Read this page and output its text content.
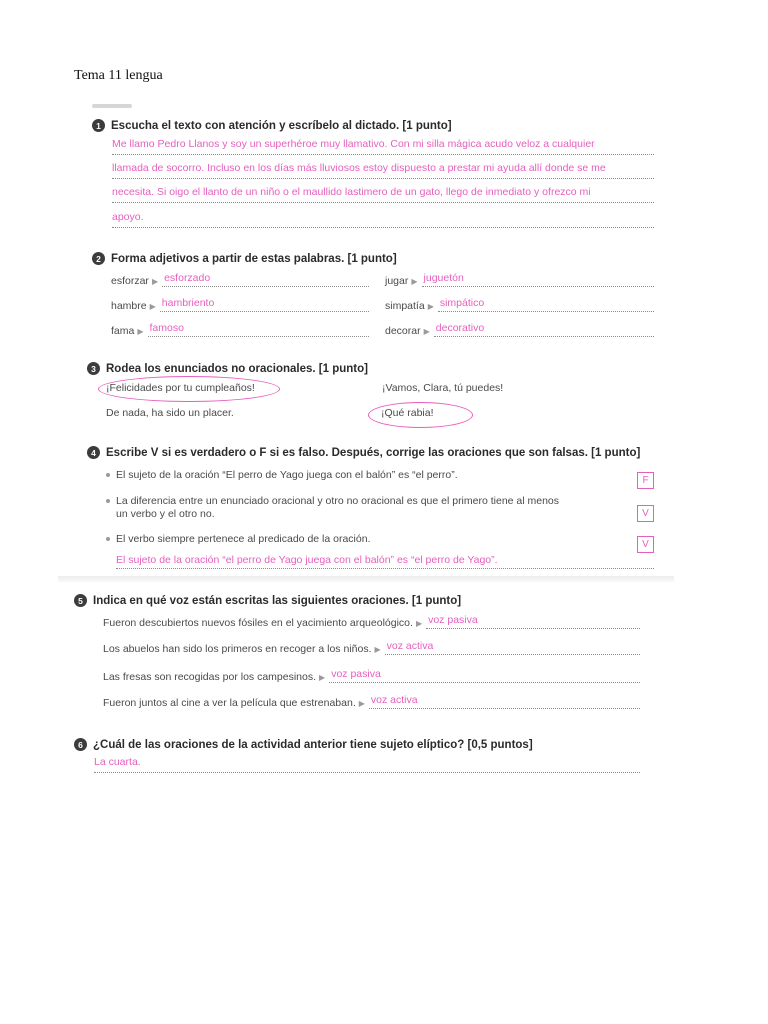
Tema 11 lengua
1 Escucha el texto con atención y escríbelo al dictado. [1 punto]
Me llamo Pedro Llanos y soy un superhéroe muy llamativo. Con mi silla mágica acudo veloz a cualquier
llamada de socorro. Incluso en los días más lluviosos estoy dispuesto a prestar mi ayuda allí donde se me
necesita. Si oigo el llanto de un niño o el maullido lastimero de un gato, llego de inmediato y ofrezco mi
apoyo.
2 Forma adjetivos a partir de estas palabras. [1 punto]
esforzar ▶ esforzado	jugar ▶ juguetón
hambre ▶ hambriento	simpatía ▶ simpático
fama ▶ famoso	decorar ▶ decorativo
3 Rodea los enunciados no oracionales. [1 punto]
¡Felicidades por tu cumpleaños!	¡Vamos, Clara, tú puedes!
De nada, ha sido un placer.	¡Qué rabia!
4 Escribe V si es verdadero o F si es falso. Después, corrige las oraciones que son falsas. [1 punto]
El sujeto de la oración “El perro de Yago juega con el balón” es “el perro”.	F
La diferencia entre un enunciado oracional y otro no oracional es que el primero tiene al menos
un verbo y el otro no.	V
El verbo siempre pertenece al predicado de la oración.	V
El sujeto de la oración “el perro de Yago juega con el balón” es “el perro de Yago”.
5 Indica en qué voz están escritas las siguientes oraciones. [1 punto]
Fueron descubiertos nuevos fósiles en el yacimiento arqueológico. ▶ voz pasiva
Los abuelos han sido los primeros en recoger a los niños. ▶ voz activa
Las fresas son recogidas por los campesinos. ▶ voz pasiva
Fueron juntos al cine a ver la película que estrenaban. ▶ voz activa
6 ¿Cuál de las oraciones de la actividad anterior tiene sujeto elíptico? [0,5 puntos]
La cuarta.
